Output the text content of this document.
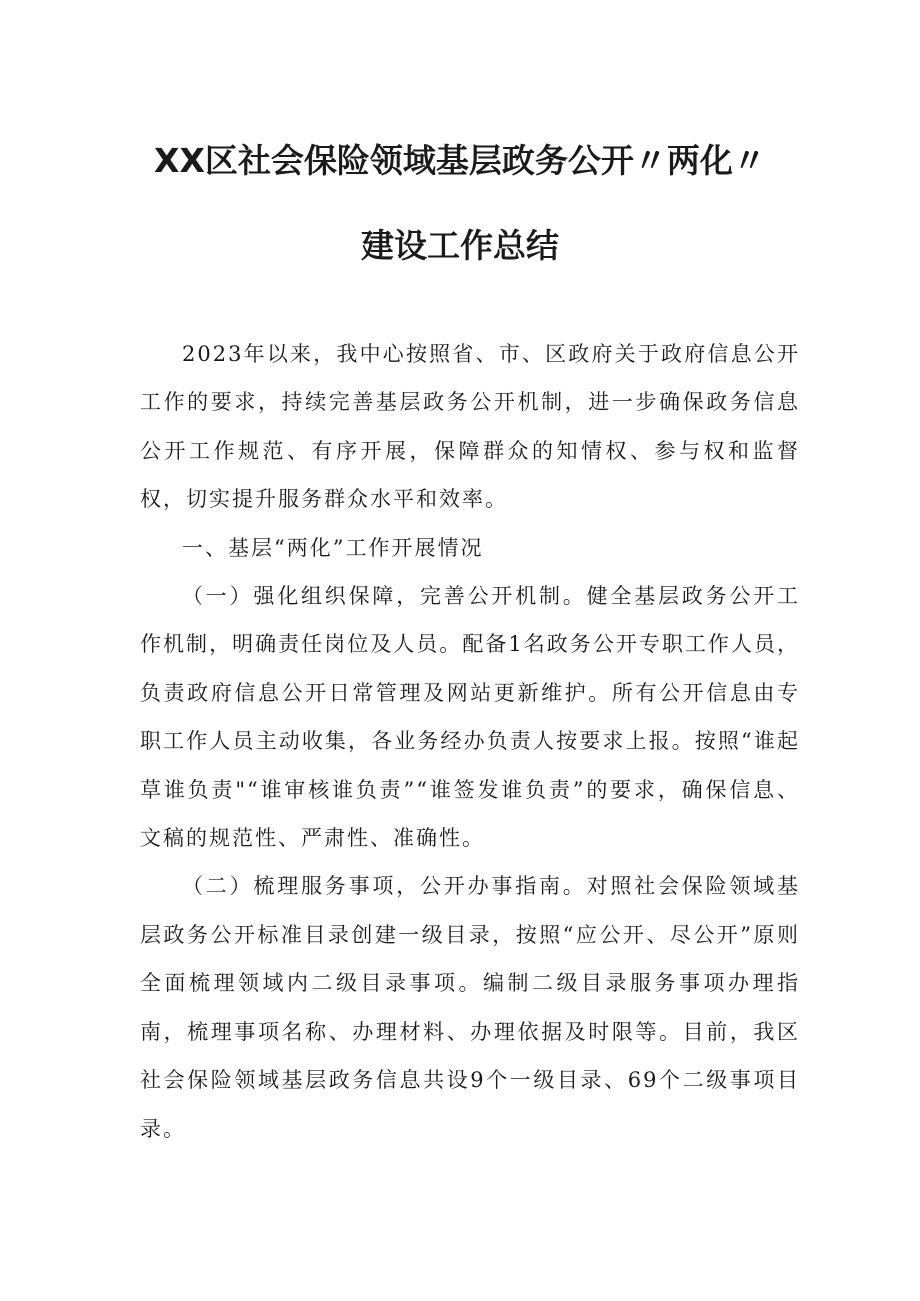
XX区社会保险领域基层政务公开〃两化〃
建设工作总结

2023年以来，我中心按照省、市、区政府关于政府信息公开工作的要求，持续完善基层政务公开机制，进一步确保政务信息公开工作规范、有序开展，保障群众的知情权、参与权和监督权，切实提升服务群众水平和效率。

一、基层“两化”工作开展情况

（一）强化组织保障，完善公开机制。健全基层政务公开工作机制，明确责任岗位及人员。配备1名政务公开专职工作人员，负责政府信息公开日常管理及网站更新维护。所有公开信息由专职工作人员主动收集，各业务经办负责人按要求上报。按照“谁起草谁负责"“谁审核谁负责”“谁签发谁负责”的要求，确保信息、文稿的规范性、严肃性、准确性。

（二）梳理服务事项，公开办事指南。对照社会保险领域基层政务公开标准目录创建一级目录，按照“应公开、尽公开”原则全面梳理领域内二级目录事项。编制二级目录服务事项办理指南，梳理事项名称、办理材料、办理依据及时限等。目前，我区社会保险领域基层政务信息共设9个一级目录、69个二级事项目录。
